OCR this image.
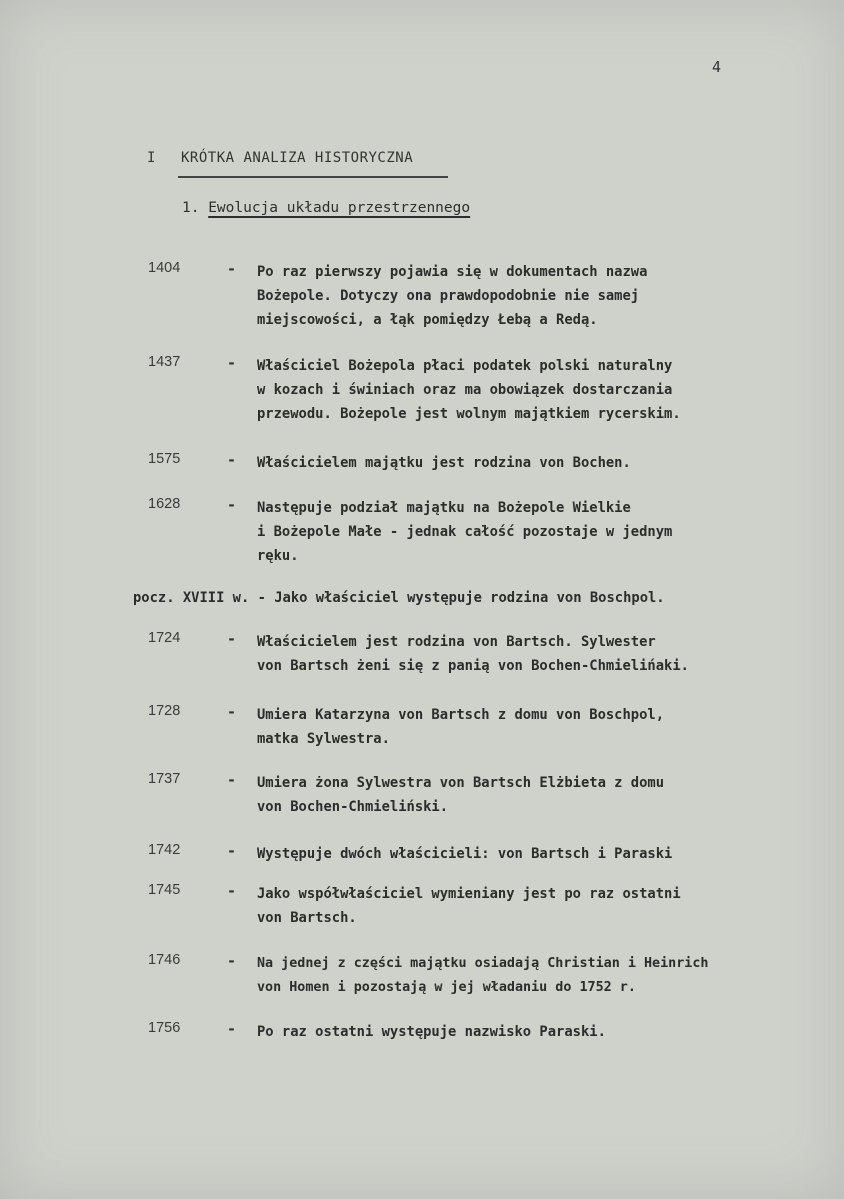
4
I KRÓTKA ANALIZA HISTORYCZNA
1. Ewolucja układu przestrzennego
1404	- Po raz pierwszy pojawia się w dokumentach nazwa
Bożepole. Dotyczy ona prawdopodobnie nie samej
miejscowości, a łąk pomiędzy Łebą a Redą.
1437	- Właściciel Bożepola płaci podatek polski naturalny
w kozach i świniach oraz ma obowiązek dostarczania
przewodu. Bożepole jest wolnym majątkiem rycerskim.
1575	- Właścicielem majątku jest rodzina von Bochen.
1628	- Następuje podział majątku na Bożepole Wielkie
i Bożepole Małe - jednak całość pozostaje w jednym
ręku.
pocz. XVIII w. - Jako właściciel występuje rodzina von Boschpol.
1724	- Właścicielem jest rodzina von Bartsch. Sylwester
von Bartsch żeni się z panią von Bochen-Chmielińaki.
1728	- Umiera Katarzyna von Bartsch z domu von Boschpol,
matka Sylwestra.
1737	- Umiera żona Sylwestra von Bartsch Elżbieta z domu
von Bochen-Chmieliński.
1742	- Występuje dwóch właścicieli: von Bartsch i Paraski
1745	- Jako współwłaściciel wymieniany jest po raz ostatni
von Bartsch.
1746	- Na jednej z części majątku osiadają Christian i Heinrich
von Homen i pozostają w jej władaniu do 1752 r.
1756	- Po raz ostatni występuje nazwisko Paraski.
